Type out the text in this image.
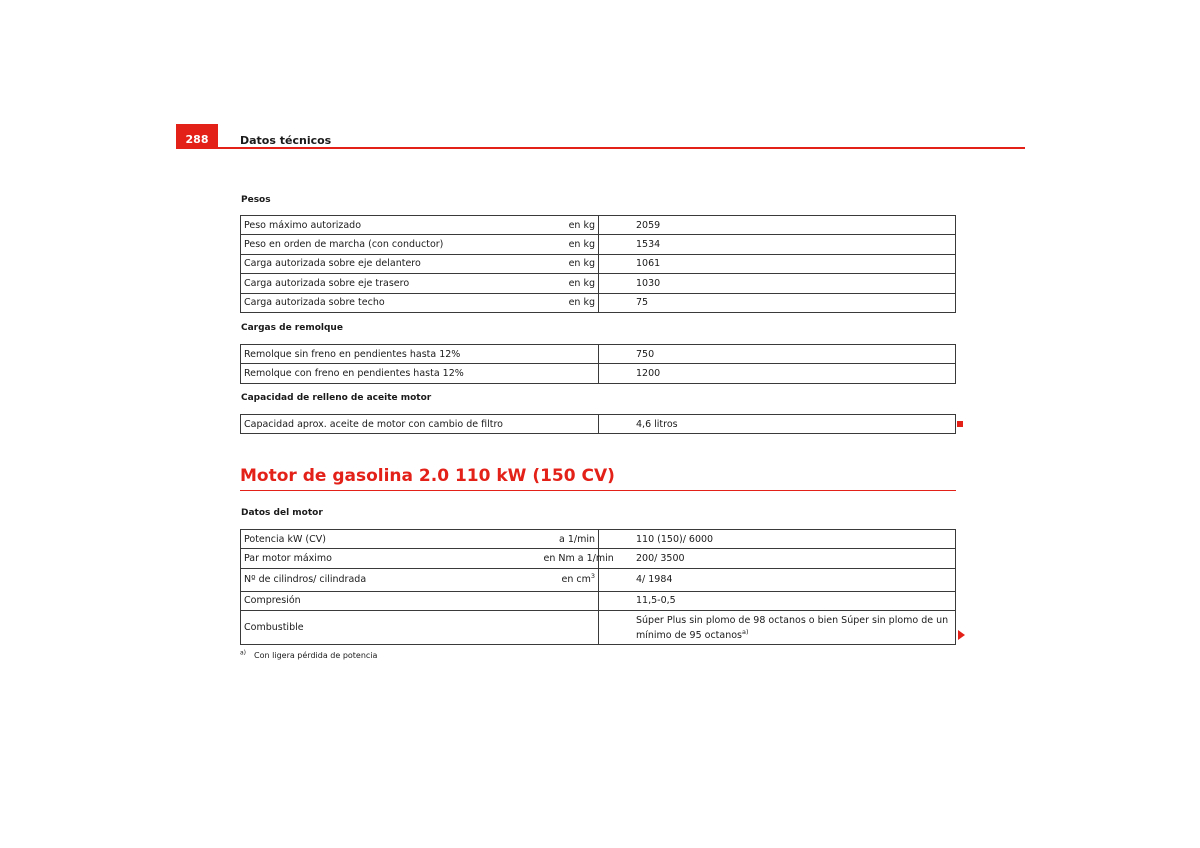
288	Datos técnicos
Pesos
Peso máximo autorizado	en kg	2059
Peso en orden de marcha (con conductor)	en kg	1534
Carga autorizada sobre eje delantero	en kg	1061
Carga autorizada sobre eje trasero	en kg	1030
Carga autorizada sobre techo	en kg	75
Cargas de remolque
Remolque sin freno en pendientes hasta 12%	750
Remolque con freno en pendientes hasta 12%	1200
Capacidad de relleno de aceite motor
Capacidad aprox. aceite de motor con cambio de filtro	4,6 litros
Motor de gasolina 2.0 110 kW (150 CV)
Datos del motor
Potencia kW (CV)	a 1/min	110 (150)/ 6000
Par motor máximo	en Nm a 1/min	200/ 3500
Nº de cilindros/ cilindrada	en $cm^3$	4/ 1984
Compresión		11,5-0,5
Combustible		Súper Plus sin plomo de 98 octanos o bien Súper sin plomo de un
mínimo de 95 octanos$^{a)}$
$^{a)}$ Con ligera pérdida de potencia
